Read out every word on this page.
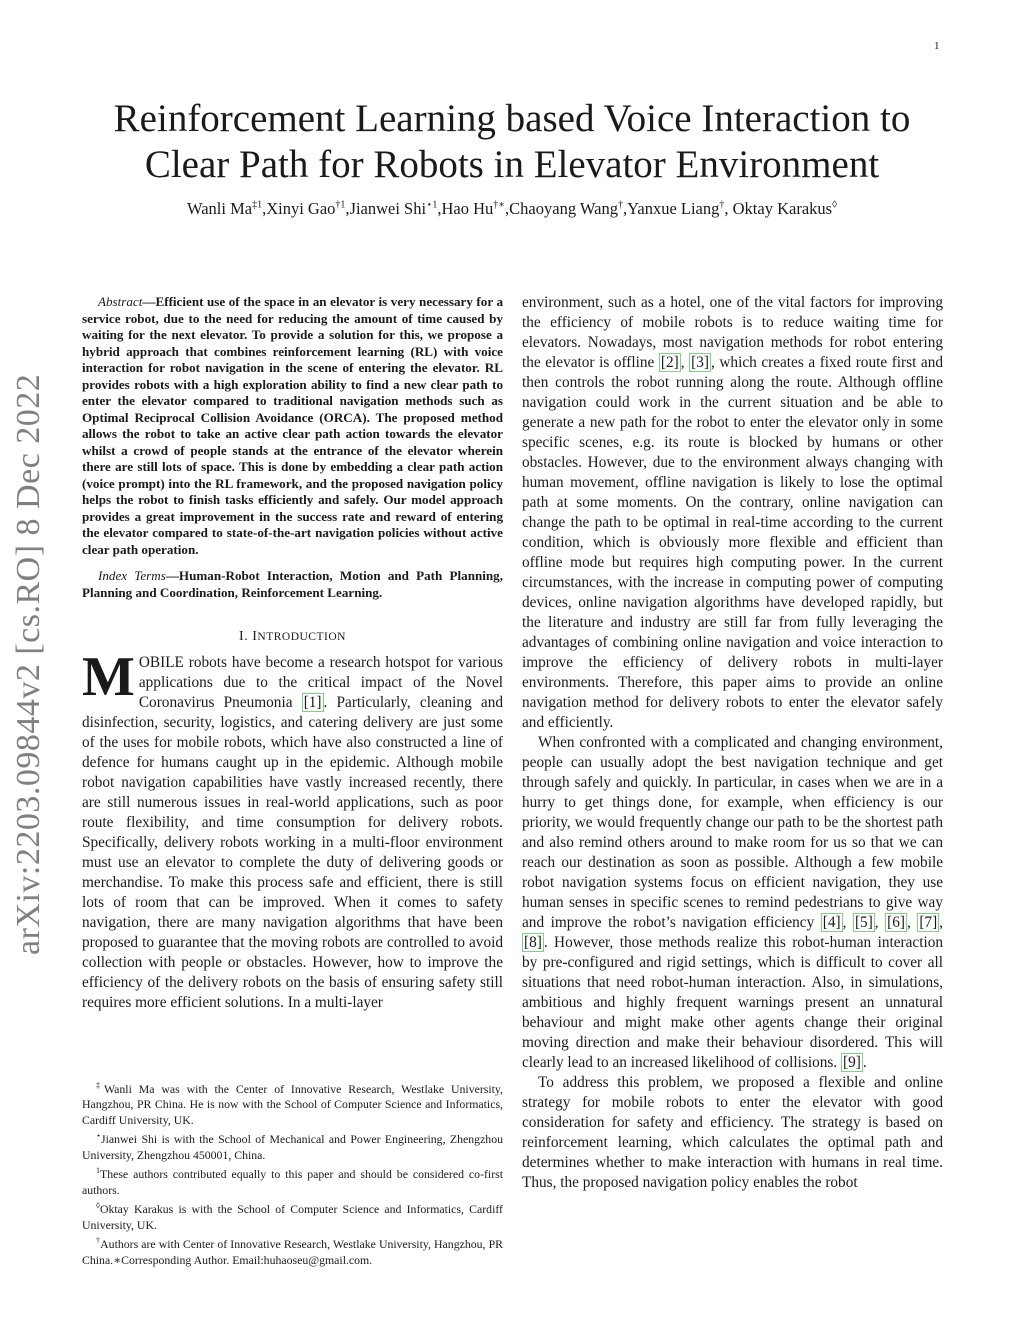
1
arXiv:2203.09844v2 [cs.RO] 8 Dec 2022
Reinforcement Learning based Voice Interaction to
Clear Path for Robots in Elevator Environment
Wanli Ma$^{\ddagger 1}$,Xinyi Gao$^{\dagger 1}$,Jianwei Shi$^{⋆1}$,Hao Hu†∗,Chaoyang Wang†,Yanxue Liang†, Oktay Karakus◊

Abstract—Efficient use of the space in an elevator is very necessary for a service robot, due to the need for reducing the amount of time caused by waiting for the next elevator. To provide a solution for this, we propose a hybrid approach that combines reinforcement learning (RL) with voice interaction for robot navigation in the scene of entering the elevator. RL provides robots with a high exploration ability to find a new clear path to enter the elevator compared to traditional navigation methods such as Optimal Reciprocal Collision Avoidance (ORCA). The proposed method allows the robot to take an active clear path action towards the elevator whilst a crowd of people stands at the entrance of the elevator wherein there are still lots of space. This is done by embedding a clear path action (voice prompt) into the RL framework, and the proposed navigation policy helps the robot to finish tasks efficiently and safely. Our model approach provides a great improvement in the success rate and reward of entering the elevator compared to state-of-the-art navigation policies without active clear path operation.

Index Terms—Human-Robot Interaction, Motion and Path Planning, Planning and Coordination, Reinforcement Learning.

I. INTRODUCTION

MOBILE robots have become a research hotspot for various applications due to the critical impact of the Novel Coronavirus Pneumonia [1] . Particularly, cleaning and disinfection, security, logistics, and catering delivery are just some of the uses for mobile robots, which have also constructed a line of defence for humans caught up in the epidemic. Although mobile robot navigation capabilities have vastly increased recently, there are still numerous issues in real-world applications, such as poor route flexibility, and time consumption for delivery robots. Specifically, delivery robots working in a multi-floor environment must use an elevator to complete the duty of delivering goods or merchandise. To make this process safe and efficient, there is still lots of room that can be improved. When it comes to safety navigation, there are many navigation algorithms that have been proposed to guarantee that the moving robots are controlled to avoid collection with people or obstacles. However, how to improve the efficiency of the delivery robots on the basis of ensuring safety still requires more efficient solutions. In a multi-layer

environment, such as a hotel, one of the vital factors for improving the efficiency of mobile robots is to reduce waiting time for elevators. Nowadays, most navigation methods for robot entering the elevator is offline [2] , [3] , which creates a fixed route first and then controls the robot running along the route. Although offline navigation could work in the current situation and be able to generate a new path for the robot to enter the elevator only in some specific scenes, e.g. its route is blocked by humans or other obstacles. However, due to the environment always changing with human movement, offline navigation is likely to lose the optimal path at some moments. On the contrary, online navigation can change the path to be optimal in real-time according to the current condition, which is obviously more flexible and efficient than offline mode but requires high computing power. In the current circumstances, with the increase in computing power of computing devices, online navigation algorithms have developed rapidly, but the literature and industry are still far from fully leveraging the advantages of combining online navigation and voice interaction to improve the efficiency of delivery robots in multi-layer environments. Therefore, this paper aims to provide an online navigation method for delivery robots to enter the elevator safely and efficiently.

When confronted with a complicated and changing environment, people can usually adopt the best navigation technique and get through safely and quickly. In particular, in cases when we are in a hurry to get things done, for example, when efficiency is our priority, we would frequently change our path to be the shortest path and also remind others around to make room for us so that we can reach our destination as soon as possible. Although a few mobile robot navigation systems focus on efficient navigation, they use human senses in specific scenes to remind pedestrians to give way and improve the robot’s navigation efficiency [4] , [5] , [6] , [7] , [8] . However, those methods realize this robot-human interaction by pre-configured and rigid settings, which is difficult to cover all situations that need robot-human interaction. Also, in simulations, ambitious and highly frequent warnings present an unnatural behaviour and might make other agents change their original moving direction and make their behaviour disordered. This will clearly lead to an increased likelihood of collisions. [9] .

To address this problem, we proposed a flexible and online strategy for mobile robots to enter the elevator with good consideration for safety and efficiency. The strategy is based on reinforcement learning, which calculates the optimal path and determines whether to make interaction with humans in real time. Thus, the proposed navigation policy enables the robot

‡Wanli Ma was with the Center of Innovative Research, Westlake University, Hangzhou, PR China. He is now with the School of Computer Science and Informatics, Cardiff University, UK.

⋆Jianwei Shi is with the School of Mechanical and Power Engineering, Zhengzhou University, Zhengzhou 450001, China.

$^1$These authors contributed equally to this paper and should be considered co-first authors.

◊Oktay Karakus is with the School of Computer Science and Informatics, Cardiff University, UK.

†Authors are with Center of Innovative Research, Westlake University, Hangzhou, PR China.∗Corresponding Author. Email:huhaoseu@gmail.com.
